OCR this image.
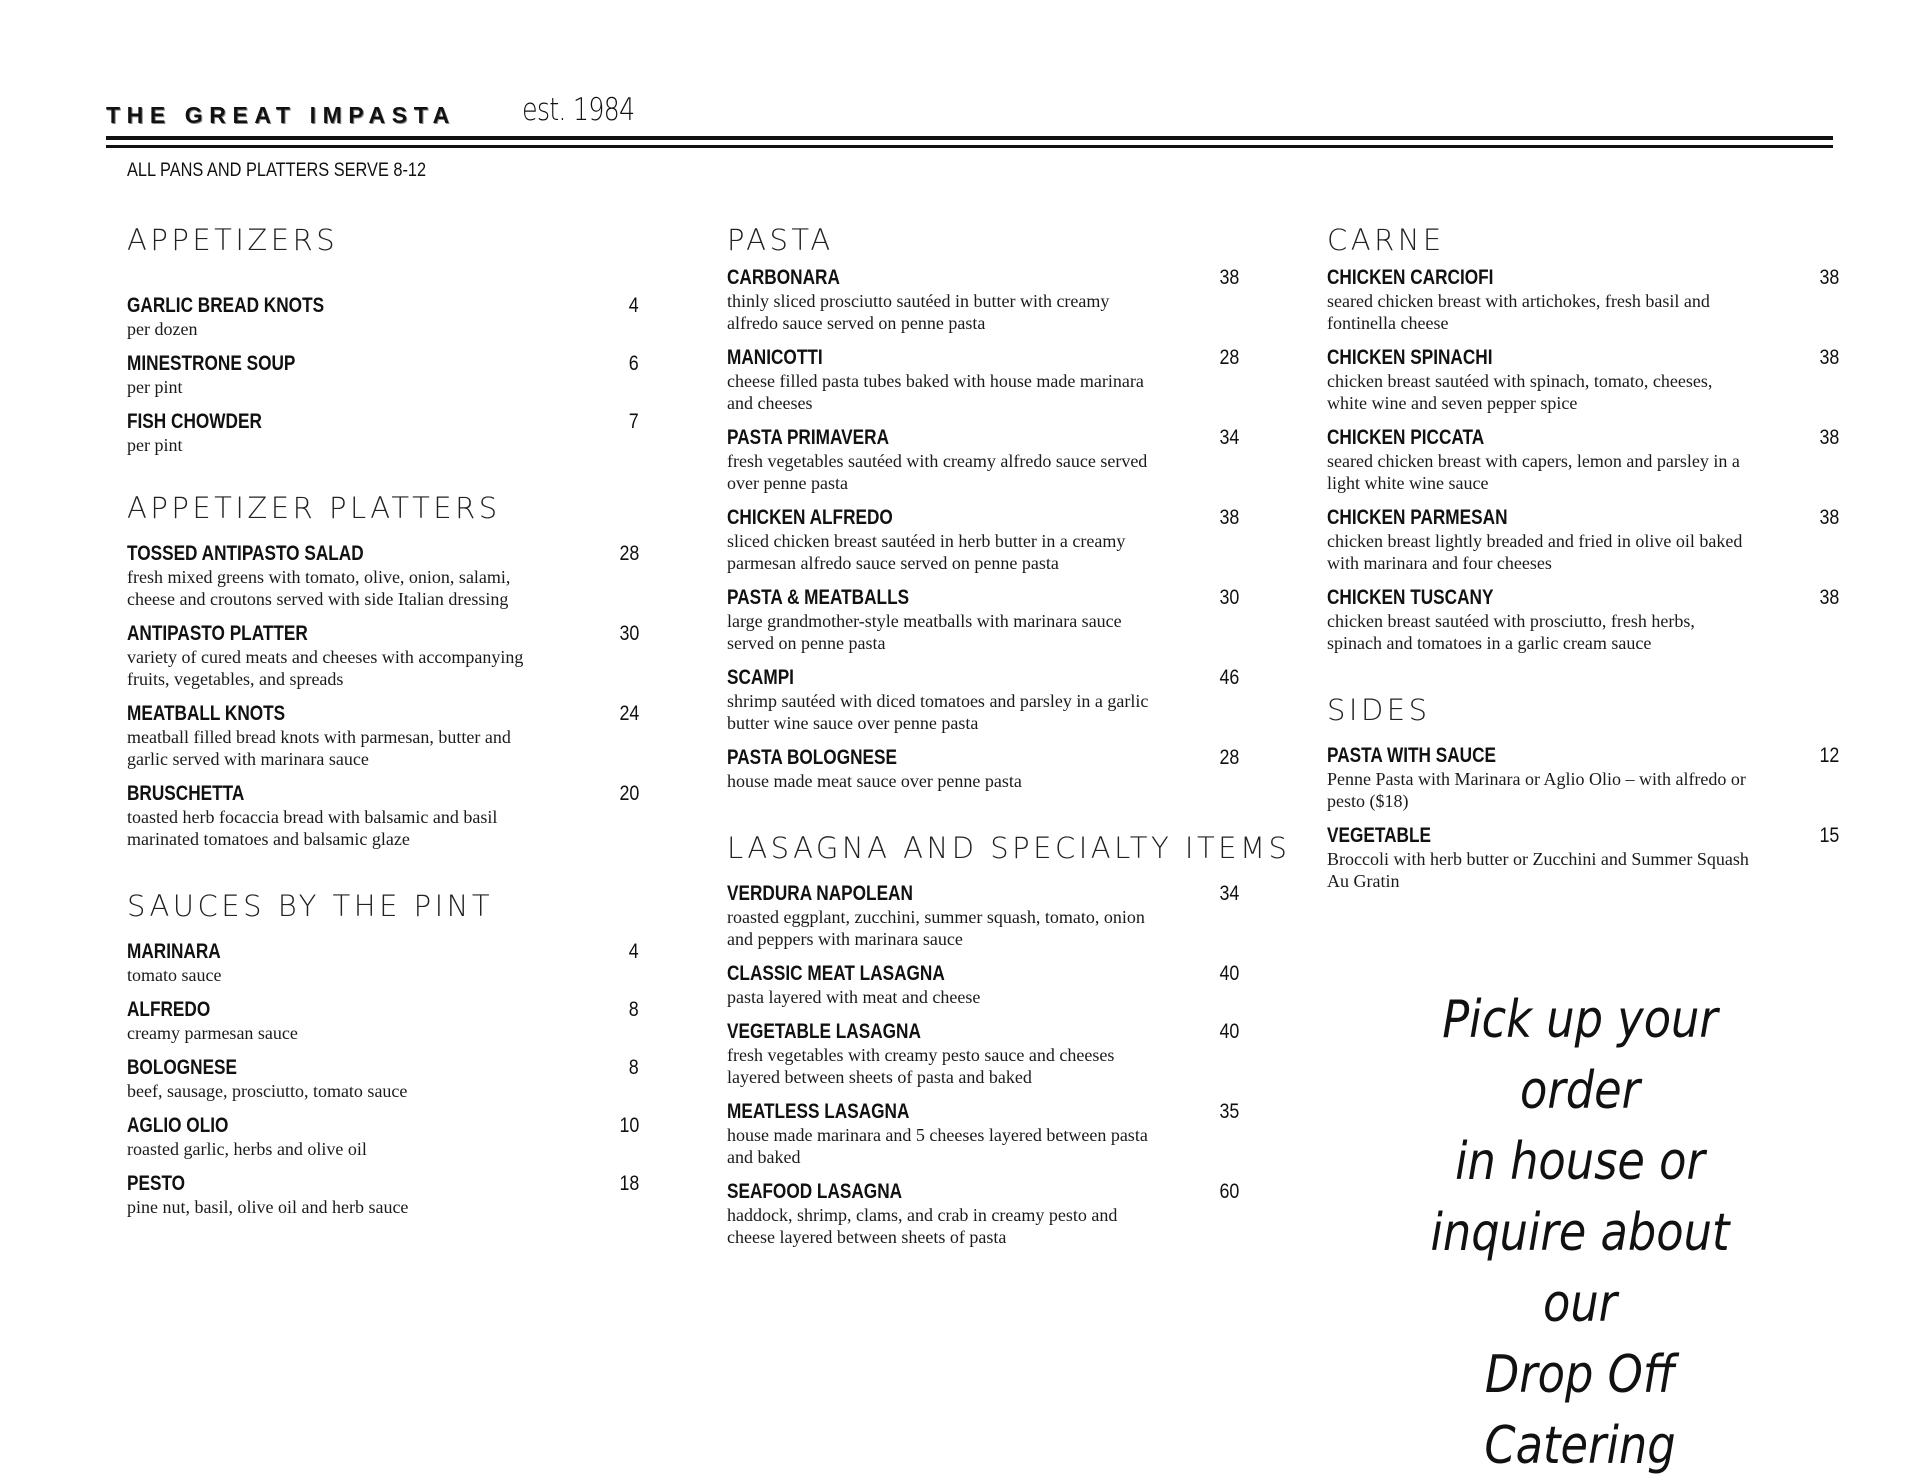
THE GREAT IMPASTA est. 1984
ALL PANS AND PLATTERS SERVE 8-12
APPETIZERS
GARLIC BREAD KNOTS	4
per dozen
MINESTRONE SOUP	6
per pint
FISH CHOWDER	7
per pint
APPETIZER PLATTERS
TOSSED ANTIPASTO SALAD	28
fresh mixed greens with tomato, olive, onion, salami, cheese and croutons served with side Italian dressing
ANTIPASTO PLATTER	30
variety of cured meats and cheeses with accompanying fruits, vegetables, and spreads
MEATBALL KNOTS	24
meatball filled bread knots with parmesan, butter and garlic served with marinara sauce
BRUSCHETTA	20
toasted herb focaccia bread with balsamic and basil marinated tomatoes and balsamic glaze
SAUCES BY THE PINT
MARINARA	4
tomato sauce
ALFREDO	8
creamy parmesan sauce
BOLOGNESE	8
beef, sausage, prosciutto, tomato sauce
AGLIO OLIO	10
roasted garlic, herbs and olive oil
PESTO	18
pine nut, basil, olive oil and herb sauce
PASTA
CARBONARA	38
thinly sliced prosciutto sautéed in butter with creamy alfredo sauce served on penne pasta
MANICOTTI	28
cheese filled pasta tubes baked with house made marinara and cheeses
PASTA PRIMAVERA	34
fresh vegetables sautéed with creamy alfredo sauce served over penne pasta
CHICKEN ALFREDO	38
sliced chicken breast sautéed in herb butter in a creamy parmesan alfredo sauce served on penne pasta
PASTA & MEATBALLS	30
large grandmother-style meatballs with marinara sauce served on penne pasta
SCAMPI	46
shrimp sautéed with diced tomatoes and parsley in a garlic butter wine sauce over penne pasta
PASTA BOLOGNESE	28
house made meat sauce over penne pasta
LASAGNA AND SPECIALTY ITEMS
VERDURA NAPOLEAN	34
roasted eggplant, zucchini, summer squash, tomato, onion and peppers with marinara sauce
CLASSIC MEAT LASAGNA	40
pasta layered with meat and cheese
VEGETABLE LASAGNA	40
fresh vegetables with creamy pesto sauce and cheeses layered between sheets of pasta and baked
MEATLESS LASAGNA	35
house made marinara and 5 cheeses layered between pasta and baked
SEAFOOD LASAGNA	60
haddock, shrimp, clams, and crab in creamy pesto and cheese layered between sheets of pasta
CARNE
CHICKEN CARCIOFI	38
seared chicken breast with artichokes, fresh basil and fontinella cheese
CHICKEN SPINACHI	38
chicken breast sautéed with spinach, tomato, cheeses, white wine and seven pepper spice
CHICKEN PICCATA	38
seared chicken breast with capers, lemon and parsley in a light white wine sauce
CHICKEN PARMESAN	38
chicken breast lightly breaded and fried in olive oil baked with marinara and four cheeses
CHICKEN TUSCANY	38
chicken breast sautéed with prosciutto, fresh herbs, spinach and tomatoes in a garlic cream sauce
SIDES
PASTA WITH SAUCE	12
Penne Pasta with Marinara or Aglio Olio – with alfredo or pesto ($18)
VEGETABLE	15
Broccoli with herb butter or Zucchini and Summer Squash Au Gratin
Pick up your order
in house or
inquire about our
Drop Off Catering
